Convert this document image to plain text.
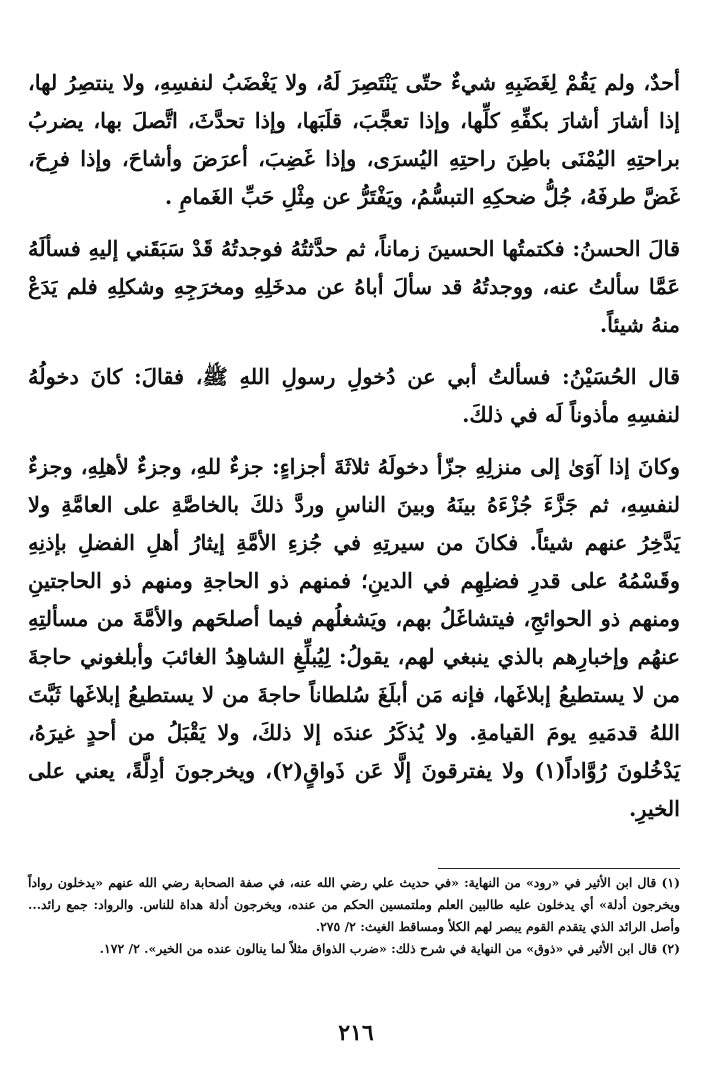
أحدٌ، ولم يَقُمْ لِغَضَبِهِ شيءٌ حتّى يَنْتَصِرَ لَهُ، ولا يَغْضَبُ لنفسِهِ، ولا ينتصِرُ لها، إذا أشارَ أشارَ بكفِّهِ كلِّها، وإذا تعجَّبَ، قلَبَها، وإذا تحدَّثَ، اتَّصلَ بها، يضربُ براحتِهِ اليُمْنَى باطِنَ راحتِهِ اليُسرَى، وإذا غَضِبَ، أعرَضَ وأشاحَ، وإذا فرِحَ، غَضَّ طرفَهُ، جُلُّ ضحكِهِ التبسُّمُ، ويَفْتَرُّ عن مِثْلِ حَبِّ الغَمامِ .

قالَ الحسنُ: فكتمتُها الحسينَ زماناً، ثم حدَّثتُهُ فوجدتُهُ قَدْ سَبَقَني إليهِ فسألَهُ عَمَّا سألتُ عنه، ووجدتُهُ قد سألَ أباهُ عن مدخَلِهِ ومخرَجِهِ وشكلِهِ فلم يَدَعْ منهُ شيئاً.

قال الحُسَيْنُ: فسألتُ أبي عن دُخولِ رسولِ اللهِ ﷺ، فقالَ: كانَ دخولُهُ لنفسِهِ مأذوناً لَه في ذلكَ.

وكانَ إذا آوَىٰ إلى منزلِهِ جزّأ دخولَهُ ثلاثَةَ أجزاءٍ: جزءٌ للهِ، وجزءٌ لأهلِهِ، وجزءٌ لنفسِهِ، ثم جَزَّءَ جُزْءَهُ بينَهُ وبينَ الناسِ وردَّ ذلكَ بالخاصَّةِ على العامَّةِ ولا يَدَّخِرُ عنهم شيئاً. فكانَ من سيرتِهِ في جُزءِ الأمَّةِ إيثارُ أهلِ الفضلِ بإذنِهِ وقَسْمُهُ على قدرِ فضلِهِم في الدينِ؛ فمنهم ذو الحاجةِ ومنهم ذو الحاجتينِ ومنهم ذو الحوائجِ، فيتشاغَلُ بهم، ويَشغلُهم فيما أصلحَهم والأمَّةَ من مسألتِهِ عنهُم وإخبارِهم بالذي ينبغي لهم، يقولُ: لِيُبلِّغِ الشاهِدُ الغائبَ وأبلغوني حاجةَ من لا يستطيعُ إبلاغَها، فإنه مَن أبلَغَ سُلطاناً حاجةَ من لا يستطيعُ إبلاغَها ثَبَّتَ اللهُ قدمَيهِ يومَ القيامةِ. ولا يُذكَرُ عندَه إلا ذلكَ، ولا يَقْبَلُ من أحدٍ غيرَهُ، يَدْخُلونَ رُوَّاداً(١) ولا يفترقونَ إلَّا عَن ذَواقٍ(٢)، ويخرجونَ أدِلَّةً، يعني على الخيرِ.

(١) قال ابن الأثير في «رود» من النهاية: «في حديث علي رضي الله عنه، في صفة الصحابة رضي الله عنهم «يدخلون رواداً ويخرجون أدلة» أي يدخلون عليه طالبين العلم وملتمسين الحكم من عنده، ويخرجون أدلة هداة للناس. والرواد: جمع رائد... وأصل الرائد الذي يتقدم القوم يبصر لهم الكلأ ومساقط الغيث: ٢/ ٢٧٥.

(٢) قال ابن الأثير في «ذوق» من النهاية في شرح ذلك: «ضرب الذواق مثلاً لما ينالون عنده من الخير». ٢/ ١٧٢.

٢١٦
